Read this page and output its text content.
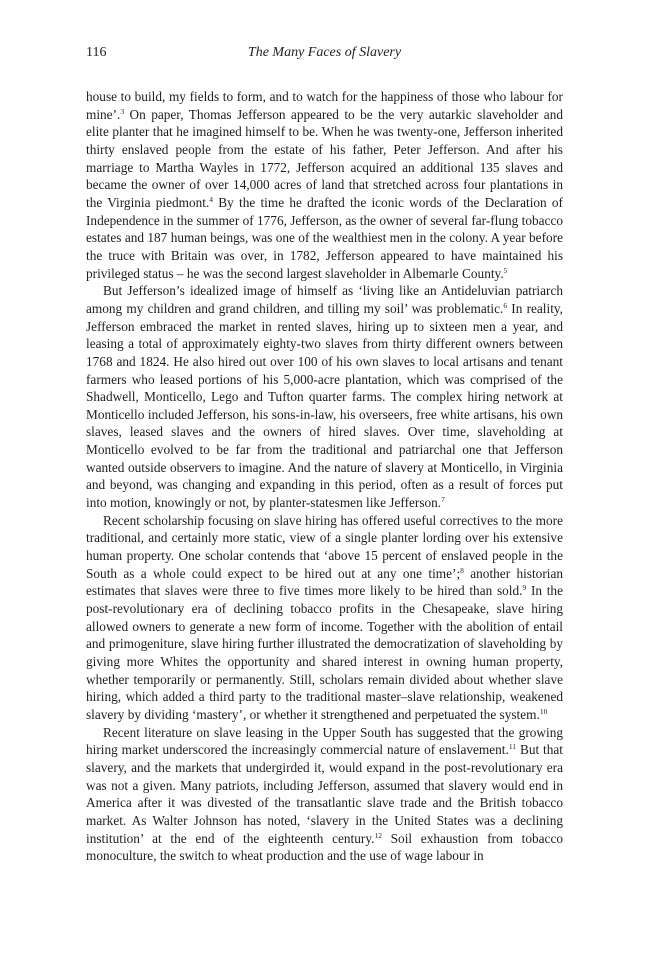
116	The Many Faces of Slavery

house to build, my fields to form, and to watch for the happiness of those who labour for mine’.$^3$ On paper, Thomas Jefferson appeared to be the very autarkic slaveholder and elite planter that he imagined himself to be. When he was twenty-one, Jefferson inherited thirty enslaved people from the estate of his father, Peter Jefferson. And after his marriage to Martha Wayles in 1772, Jefferson acquired an additional 135 slaves and became the owner of over 14,000 acres of land that stretched across four plantations in the Virginia piedmont.$^4$ By the time he drafted the iconic words of the Declaration of Independence in the summer of 1776, Jefferson, as the owner of several far-flung tobacco estates and 187 human beings, was one of the wealthiest men in the colony. A year before the truce with Britain was over, in 1782, Jefferson appeared to have maintained his privileged status – he was the second largest slaveholder in Albemarle County.$^5$

But Jefferson’s idealized image of himself as ‘living like an Antideluvian patriarch among my children and grand children, and tilling my soil’ was problematic.$^6$ In reality, Jefferson embraced the market in rented slaves, hiring up to sixteen men a year, and leasing a total of approximately eighty-two slaves from thirty different owners between 1768 and 1824. He also hired out over 100 of his own slaves to local artisans and tenant farmers who leased portions of his 5,000-acre plantation, which was comprised of the Shadwell, Monticello, Lego and Tufton quarter farms. The complex hiring network at Monticello included Jefferson, his sons-in-law, his overseers, free white artisans, his own slaves, leased slaves and the owners of hired slaves. Over time, slaveholding at Monticello evolved to be far from the traditional and patriarchal one that Jefferson wanted outside observers to imagine. And the nature of slavery at Monticello, in Virginia and beyond, was changing and expanding in this period, often as a result of forces put into motion, knowingly or not, by planter-statesmen like Jefferson.$^7$

Recent scholarship focusing on slave hiring has offered useful correctives to the more traditional, and certainly more static, view of a single planter lording over his extensive human property. One scholar contends that ‘above 15 percent of enslaved people in the South as a whole could expect to be hired out at any one time’;$^8$ another historian estimates that slaves were three to five times more likely to be hired than sold.$^9$ In the post-revolutionary era of declining tobacco profits in the Chesapeake, slave hiring allowed owners to generate a new form of income. Together with the abolition of entail and primogeniture, slave hiring further illustrated the democratization of slaveholding by giving more Whites the opportunity and shared interest in owning human property, whether temporarily or permanently. Still, scholars remain divided about whether slave hiring, which added a third party to the traditional master–slave relationship, weakened slavery by dividing ‘mastery’, or whether it strengthened and perpetuated the system.$^{10}$

Recent literature on slave leasing in the Upper South has suggested that the growing hiring market underscored the increasingly commercial nature of enslavement.$^{11}$ But that slavery, and the markets that undergirded it, would expand in the post-revolutionary era was not a given. Many patriots, including Jefferson, assumed that slavery would end in America after it was divested of the transatlantic slave trade and the British tobacco market. As Walter Johnson has noted, ‘slavery in the United States was a declining institution’ at the end of the eighteenth century.$^{12}$ Soil exhaustion from tobacco monoculture, the switch to wheat production and the use of wage labour in
